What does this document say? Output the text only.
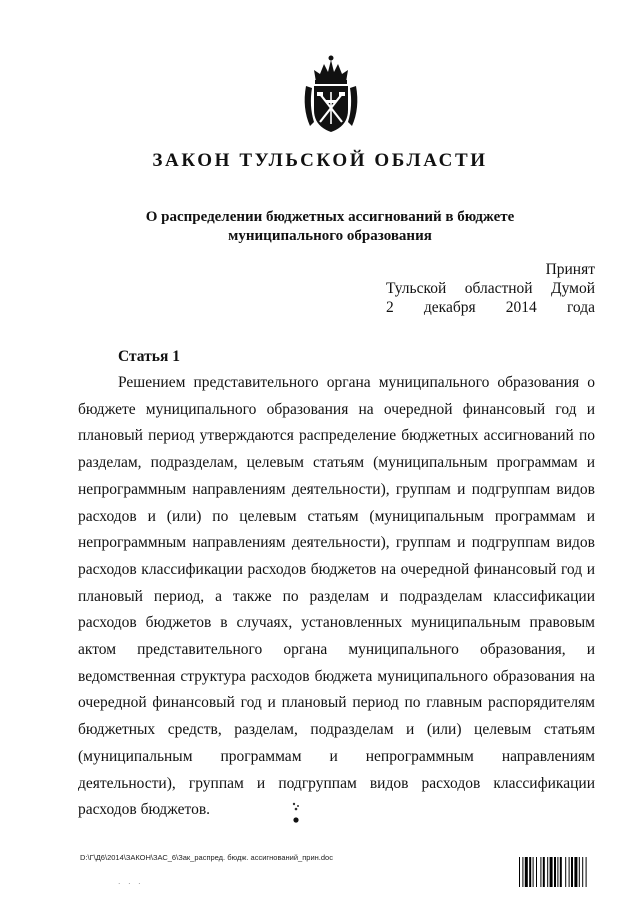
ЗАКОН ТУЛЬСКОЙ ОБЛАСТИ
О распределении бюджетных ассигнований в бюджете
муниципального образования
Принят
Тульской областной Думой
2 декабря 2014 года
Статья 1
Решением представительного органа муниципального образования о бюджете муниципального образования на очередной финансовый год и плановый период утверждаются распределение бюджетных ассигнований по разделам, подразделам, целевым статьям (муниципальным программам и непрограммным направлениям деятельности), группам и подгруппам видов расходов и (или) по целевым статьям (муниципальным программам и непрограммным направлениям деятельности), группам и подгруппам видов расходов классификации расходов бюджетов на очередной финансовый год и плановый период, а также по разделам и подразделам классификации расходов бюджетов в случаях, установленных муниципальным правовым актом представительного органа муниципального образования, и ведомственная структура расходов бюджета муниципального образования на очередной финансовый год и плановый период по главным распорядителям бюджетных средств, разделам, подразделам и (или) целевым статьям (муниципальным программам и непрограммным направлениям деятельности), группам и подгруппам видов расходов классификации расходов бюджетов.
D:\Г\Д6\2014\ЗАКОН\ЗАС_6\Зак_распред. бюдж. ассигнований_прин.doc
· · ·
